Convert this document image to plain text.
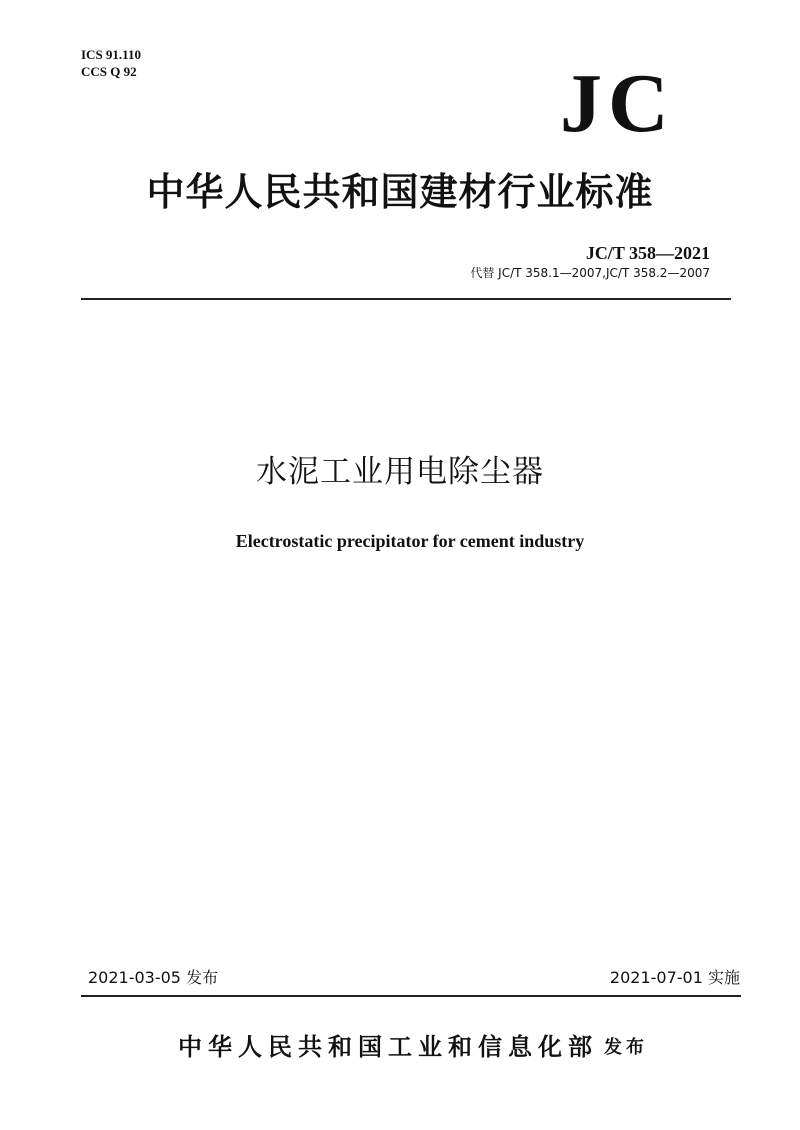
ICS 91.110
CCS Q 92	JC
中华人民共和国建材行业标准
JC/T 358—2021
代替 JC/T 358.1—2007,JC/T 358.2—2007
水泥工业用电除尘器
Electrostatic precipitator for cement industry
2021-03-05 发布	2021-07-01 实施
中华人民共和国工业和信息化部 发布
